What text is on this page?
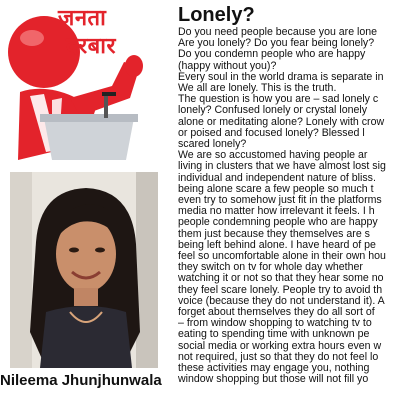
जनता
दरबार
Nileema Jhunjhunwala
Lonely?

Do you need people because you are lone

Are you lonely? Do you fear being lonely?

Do you condemn people who are happy

(happy without you)?

Every soul in the world drama is separate in

We all are lonely. This is the truth.

The question is how you are – sad lonely c

lonely? Confused lonely or crystal lonely

alone or meditating alone? Lonely with crow

or poised and focused lonely? Blessed l

scared lonely?

We are so accustomed having people ar

living in clusters that we have almost lost sig

individual and independent nature of bliss.

being alone scare a few people so much t

even try to somehow just fit in the platforms

media no matter how irrelevant it feels. I h

people condemning people who are happy

them just because they themselves are s

being left behind alone. I have heard of pe

feel so uncomfortable alone in their own hou

they switch on tv for whole day whether

watching it or not so that they hear some no

they feel scare lonely. People try to avoid th

voice (because they do not understand it). A

forget about themselves they do all sort of

– from window shopping to watching tv to

eating to spending time with unknown pe

social media or working extra hours even w

not required, just so that they do not feel lo

these activities may engage you, nothing

window shopping but those will not fill yo
